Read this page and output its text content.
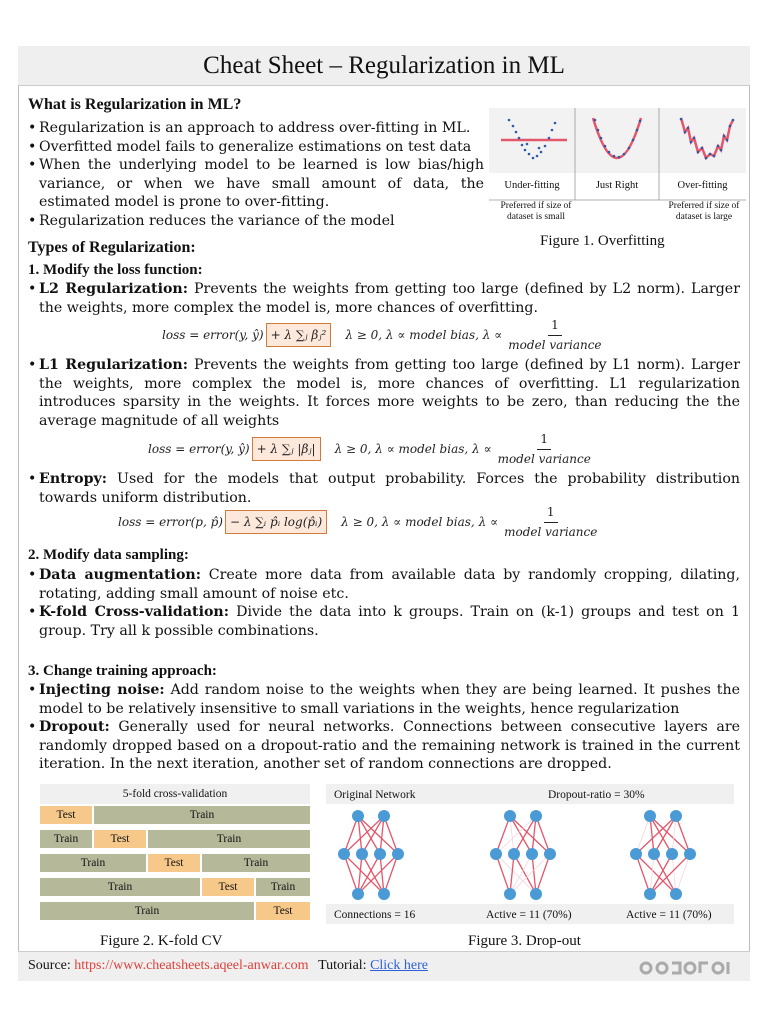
Cheat Sheet – Regularization in ML
What is Regularization in ML?
• Regularization is an approach to address over-fitting in ML.
• Overfitted model fails to generalize estimations on test data
• When the underlying model to be learned is low bias/high variance, or when we have small amount of data, the estimated model is prone to over-fitting.
• Regularization reduces the variance of the model
Under-fitting	Just Right	Over-fitting
Preferred if size of dataset is small
Preferred if size of dataset is large
Figure 1. Overfitting
Types of Regularization:
1. Modify the loss function:
• L2 Regularization: Prevents the weights from getting too large (defined by L2 norm). Larger the weights, more complex the model is, more chances of overfitting.
loss = error(y, ŷ) + λ ∑ⱼ βⱼ²	λ ≥ 0, λ ∝ model bias, $\lambda \propto \frac{1}{\text{model variance}}$
• L1 Regularization: Prevents the weights from getting too large (defined by L1 norm). Larger the weights, more complex the model is, more chances of overfitting. L1 regularization introduces sparsity in the weights. It forces more weights to be zero, than reducing the the average magnitude of all weights
loss = error(y, ŷ) + λ ∑ⱼ |βⱼ|	λ ≥ 0, λ ∝ model bias, $\lambda \propto \frac{1}{\text{model variance}}$
• Entropy: Used for the models that output probability. Forces the probability distribution towards uniform distribution.
loss = error(p, p̂) − λ ∑ᵢ p̂ᵢ log(p̂ᵢ)	λ ≥ 0, λ ∝ model bias, $\lambda \propto \frac{1}{\text{model variance}}$
2. Modify data sampling:
• Data augmentation: Create more data from available data by randomly cropping, dilating, rotating, adding small amount of noise etc.
• K-fold Cross-validation: Divide the data into k groups. Train on (k-1) groups and test on 1 group. Try all k possible combinations.
3. Change training approach:
• Injecting noise: Add random noise to the weights when they are being learned. It pushes the model to be relatively insensitive to small variations in the weights, hence regularization
• Dropout: Generally used for neural networks. Connections between consecutive layers are randomly dropped based on a dropout-ratio and the remaining network is trained in the current iteration. In the next iteration, another set of random connections are dropped.
5-fold cross-validation
Test	Train
Train	Test	Train
Train	Test	Train
Train	Test	Train
Train	Test
Figure 2. K-fold CV
Original Network	Dropout-ratio = 30%
Connections = 16	Active = 11 (70%)	Active = 11 (70%)
Figure 3. Drop-out
Source: https://www.cheatsheets.aqeel-anwar.com Tutorial: Click here
